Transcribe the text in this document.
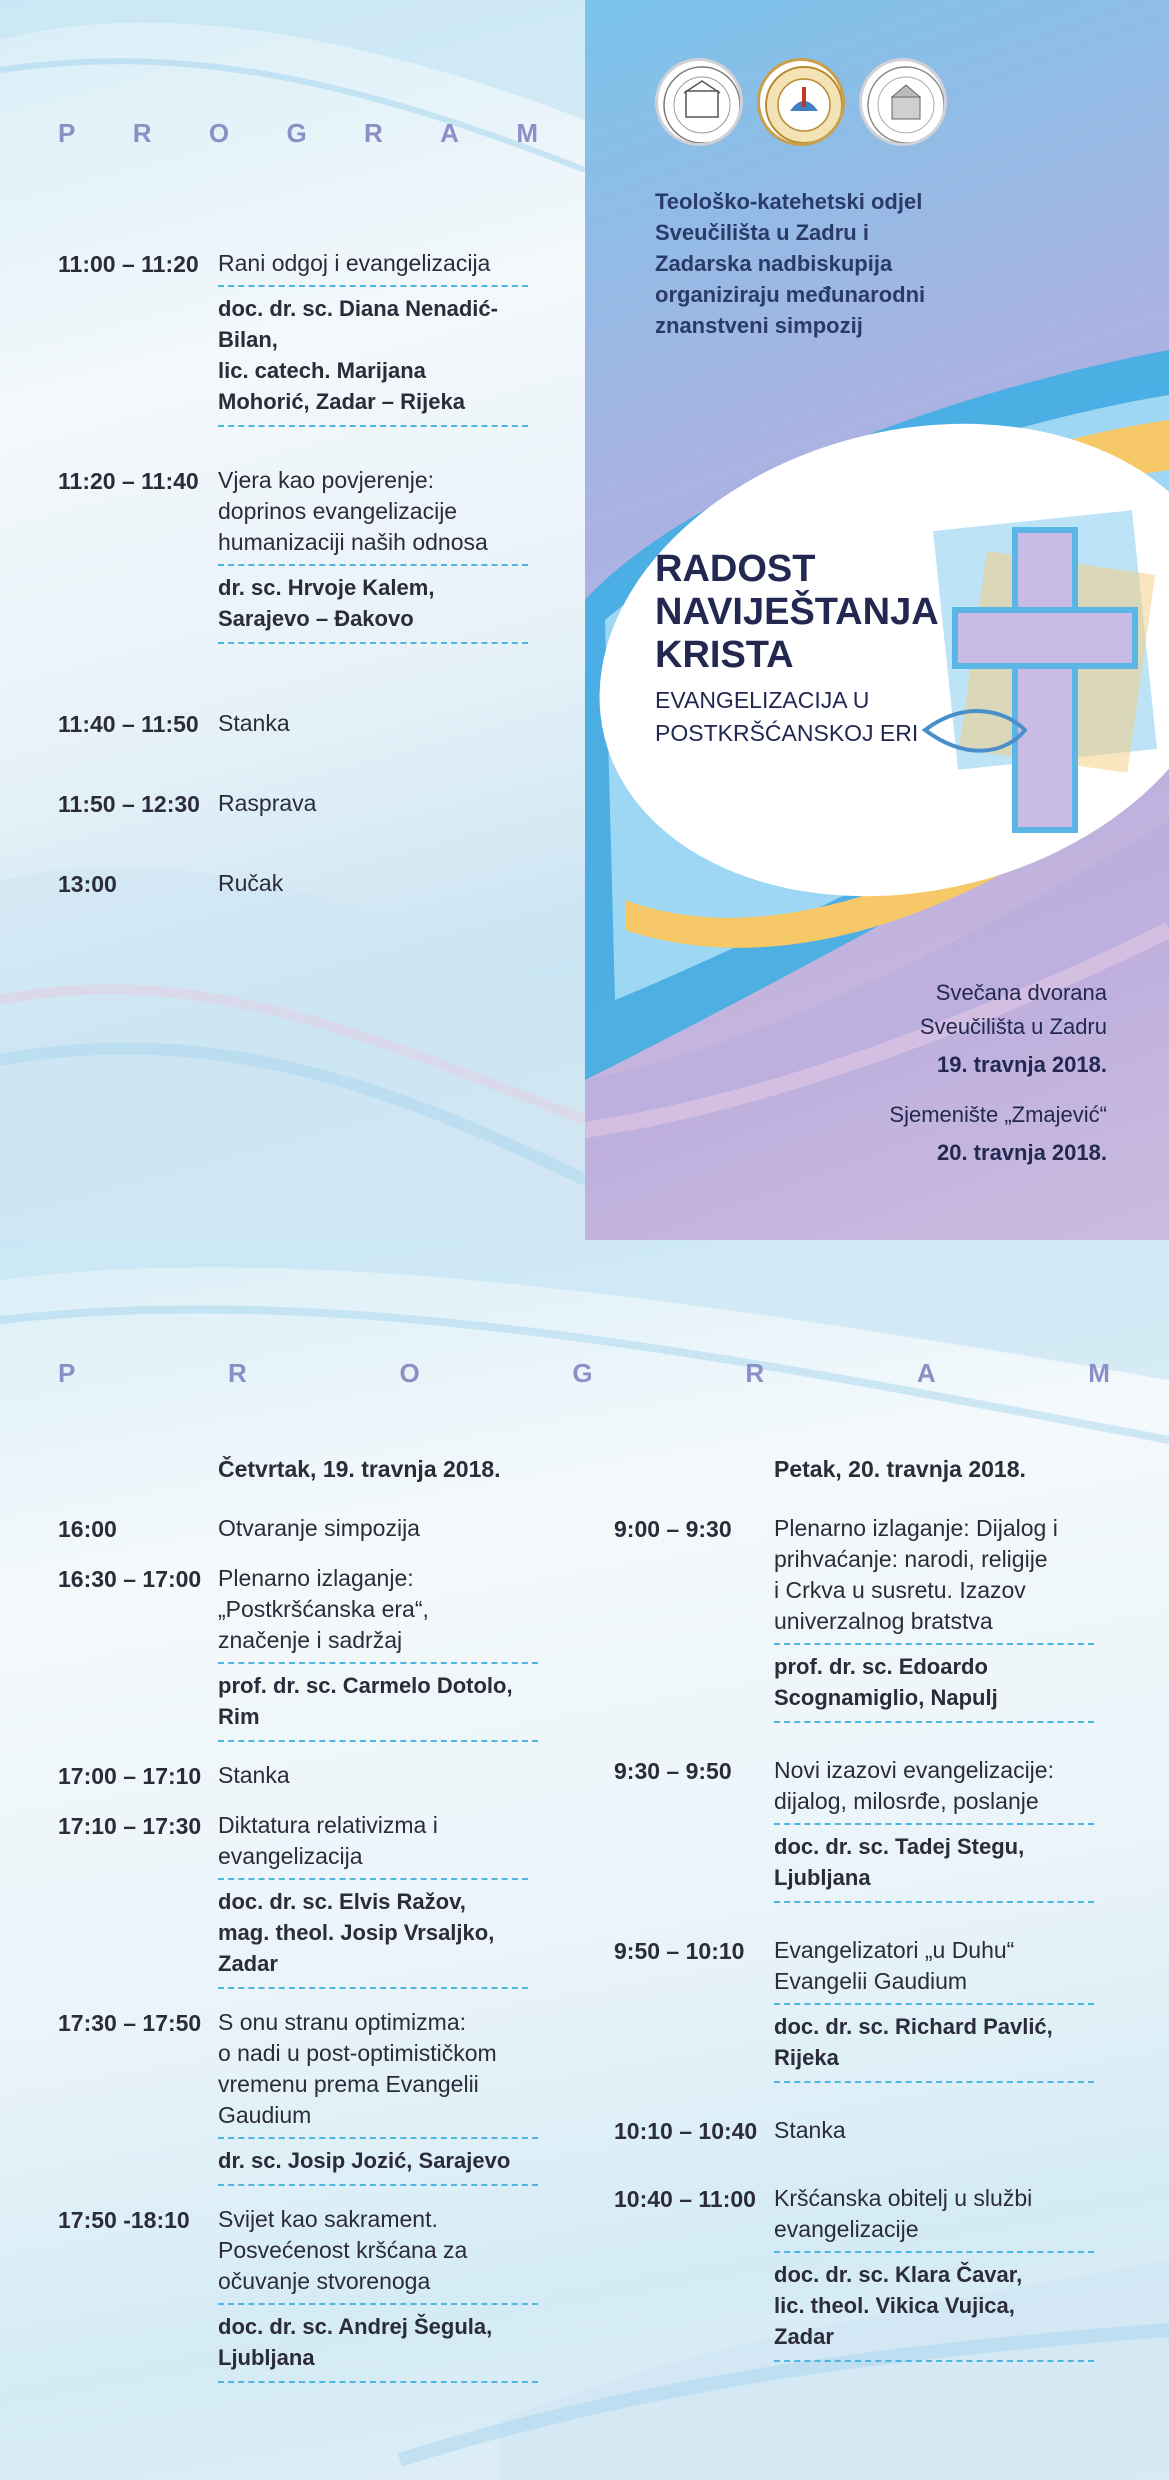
P R O G R A M
11:00 – 11:20 Rani odgoj i evangelizacija
doc. dr. sc. Diana Nenadić-
Bilan,
lic. catech. Marijana
Mohorić, Zadar – Rijeka
11:20 – 11:40 Vjera kao povjerenje:
doprinos evangelizacije
humanizaciji naših odnosa
dr. sc. Hrvoje Kalem,
Sarajevo – Đakovo
11:40 – 11:50 Stanka
11:50 – 12:30 Rasprava
13:00	Ručak
Teološko-katehetski odjel
Sveučilišta u Zadru i
Zadarska nadbiskupija
organiziraju međunarodni
znanstveni simpozij
RADOST
NAVIJEŠTANJA
KRISTA
EVANGELIZACIJA U
POSTKRŠĆANSKOJ ERI
Svečana dvorana
Sveučilišta u Zadru
19. travnja 2018.
Sjemenište „Zmajević“
20. travnja 2018.
P	R	O	G	R	A	M
Četvrtak, 19. travnja 2018.
16:00	Otvaranje simpozija
16:30 – 17:00 Plenarno izlaganje:
„Postkršćanska era“,
značenje i sadržaj
prof. dr. sc. Carmelo Dotolo,
Rim
17:00 – 17:10 Stanka
17:10 – 17:30 Diktatura relativizma i
evangelizacija
doc. dr. sc. Elvis Ražov,
mag. theol. Josip Vrsaljko, Zadar
17:30 – 17:50 S onu stranu optimizma:
o nadi u post-optimističkom
vremenu prema Evangelii
Gaudium
dr. sc. Josip Jozić, Sarajevo
17:50 -18:10	Svijet kao sakrament.
Posvećenost kršćana za
očuvanje stvorenoga
doc. dr. sc. Andrej Šegula,
Ljubljana
Petak, 20. travnja 2018.
9:00 – 9:30	Plenarno izlaganje: Dijalog i
prihvaćanje: narodi, religije
i Crkva u susretu. Izazov
univerzalnog bratstva
prof. dr. sc. Edoardo
Scognamiglio, Napulj
9:30 – 9:50	Novi izazovi evangelizacije:
dijalog, milosrđe, poslanje
doc. dr. sc. Tadej Stegu,
Ljubljana
9:50 – 10:10	Evangelizatori „u Duhu“
Evangelii Gaudium
doc. dr. sc. Richard Pavlić,
Rijeka
10:10 – 10:40 Stanka
10:40 – 11:00 Kršćanska obitelj u službi
evangelizacije
doc. dr. sc. Klara Čavar,
lic. theol. Vikica Vujica,
Zadar
